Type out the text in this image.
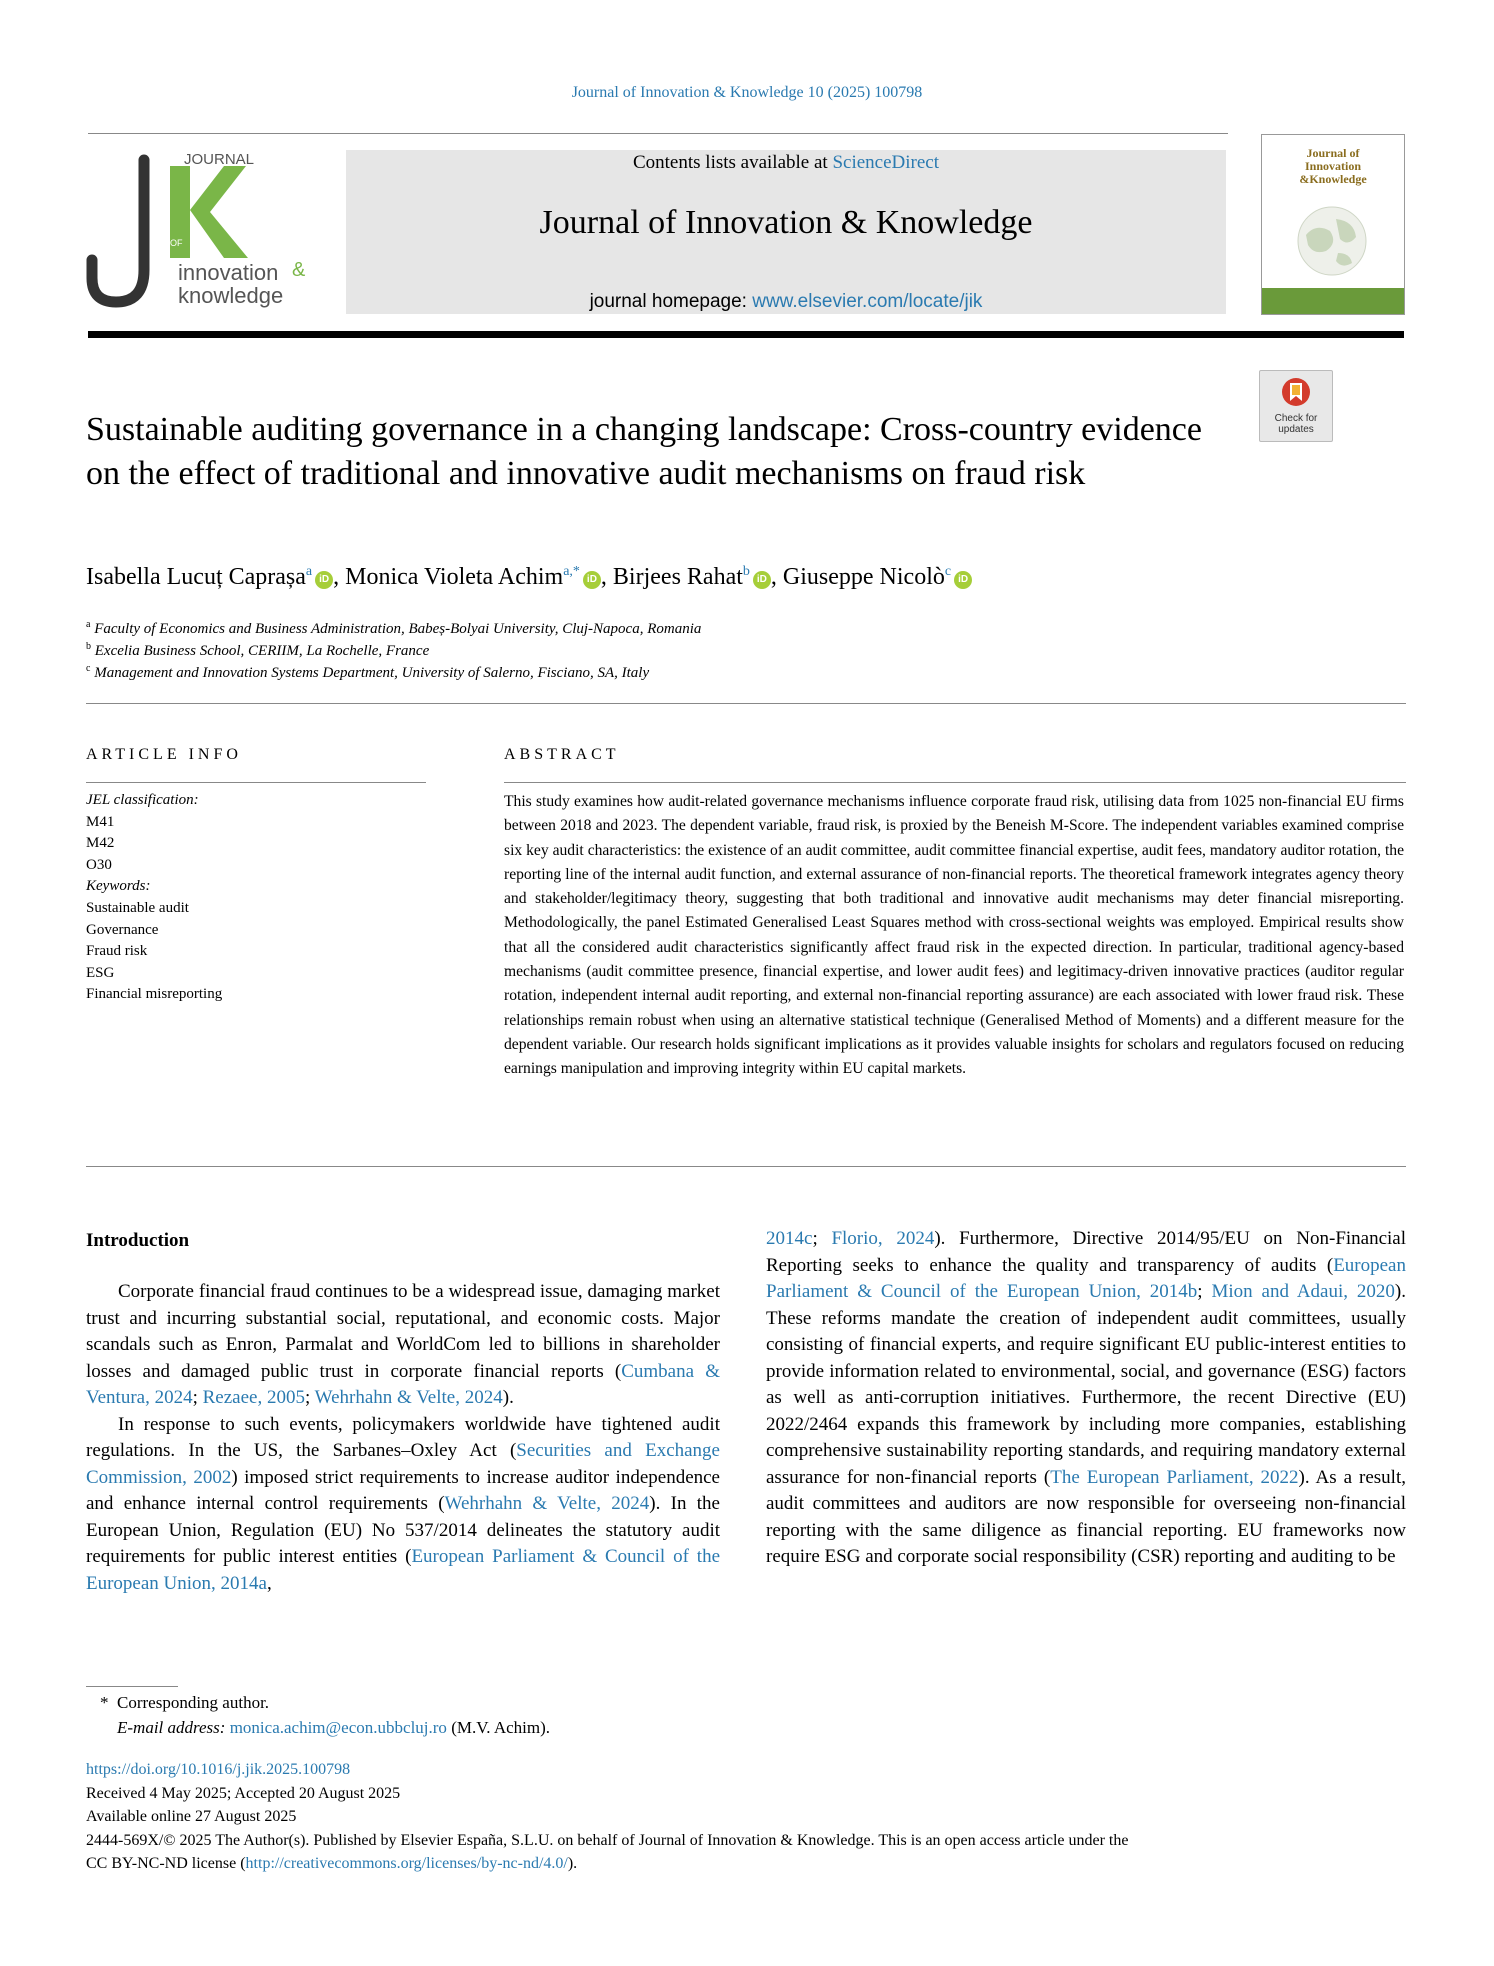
Journal of Innovation & Knowledge 10 (2025) 100798
JOURNAL
OF
innovation &
knowledge
Contents lists available at ScienceDirect
Journal of Innovation & Knowledge
journal homepage: www.elsevier.com/locate/jik
Journal of
Innovation
&Knowledge
Check for
updates
Sustainable auditing governance in a changing landscape: Cross-country evidence on the effect of traditional and innovative audit mechanisms on fraud risk
Isabella Lucuț Caprașa$^a$iD , Monica Violeta Achim$^{a,*}$iD , Birjees Rahat$^b$iD , Giuseppe Nicolò$^c$iD
$^a$ Faculty of Economics and Business Administration, Babeș-Bolyai University, Cluj-Napoca, Romania
$^b$ Excelia Business School, CERIIM, La Rochelle, France
$^c$ Management and Innovation Systems Department, University of Salerno, Fisciano, SA, Italy
ARTICLE INFO
JEL classification:
M41
M42
O30
Keywords:
Sustainable audit
Governance
Fraud risk
ESG
Financial misreporting
ABSTRACT
This study examines how audit-related governance mechanisms influence corporate fraud risk, utilising data from 1025 non-financial EU firms between 2018 and 2023. The dependent variable, fraud risk, is proxied by the Beneish M-Score. The independent variables examined comprise six key audit characteristics: the existence of an audit committee, audit committee financial expertise, audit fees, mandatory auditor rotation, the reporting line of the internal audit function, and external assurance of non-financial reports. The theoretical framework integrates agency theory and stakeholder/legitimacy theory, suggesting that both traditional and innovative audit mechanisms may deter financial misreporting. Methodologically, the panel Estimated Generalised Least Squares method with cross-sectional weights was employed. Empirical results show that all the considered audit characteristics significantly affect fraud risk in the expected direction. In particular, traditional agency-based mechanisms (audit committee presence, financial expertise, and lower audit fees) and legitimacy-driven innovative practices (auditor regular rotation, independent internal audit reporting, and external non-financial reporting assurance) are each associated with lower fraud risk. These relationships remain robust when using an alternative statistical technique (Generalised Method of Moments) and a different measure for the dependent variable. Our research holds significant implications as it provides valuable insights for scholars and regulators focused on reducing earnings manipulation and improving integrity within EU capital markets.
Introduction

Corporate financial fraud continues to be a widespread issue, damaging market trust and incurring substantial social, reputational, and economic costs. Major scandals such as Enron, Parmalat and WorldCom led to billions in shareholder losses and damaged public trust in corporate financial reports (Cumbana & Ventura, 2024; Rezaee, 2005; Wehrhahn & Velte, 2024).

In response to such events, policymakers worldwide have tightened audit regulations. In the US, the Sarbanes–Oxley Act (Securities and Exchange Commission, 2002) imposed strict requirements to increase auditor independence and enhance internal control requirements (Wehrhahn & Velte, 2024). In the European Union, Regulation (EU) No 537/2014 delineates the statutory audit requirements for public interest entities (European Parliament & Council of the European Union, 2014a,

2014c; Florio, 2024). Furthermore, Directive 2014/95/EU on Non-Financial Reporting seeks to enhance the quality and transparency of audits (European Parliament & Council of the European Union, 2014b; Mion and Adaui, 2020). These reforms mandate the creation of independent audit committees, usually consisting of financial experts, and require significant EU public-interest entities to provide information related to environmental, social, and governance (ESG) factors as well as anti-corruption initiatives. Furthermore, the recent Directive (EU) 2022/2464 expands this framework by including more companies, establishing comprehensive sustainability reporting standards, and requiring mandatory external assurance for non-financial reports (The European Parliament, 2022). As a result, audit committees and auditors are now responsible for overseeing non-financial reporting with the same diligence as financial reporting. EU frameworks now require ESG and corporate social responsibility (CSR) reporting and auditing to be

* Corresponding author.
E-mail address: monica.achim@econ.ubbcluj.ro (M.V. Achim).
https://doi.org/10.1016/j.jik.2025.100798
Received 4 May 2025; Accepted 20 August 2025
Available online 27 August 2025
2444-569X/© 2025 The Author(s). Published by Elsevier España, S.L.U. on behalf of Journal of Innovation & Knowledge. This is an open access article under the
CC BY-NC-ND license (http://creativecommons.org/licenses/by-nc-nd/4.0/).
